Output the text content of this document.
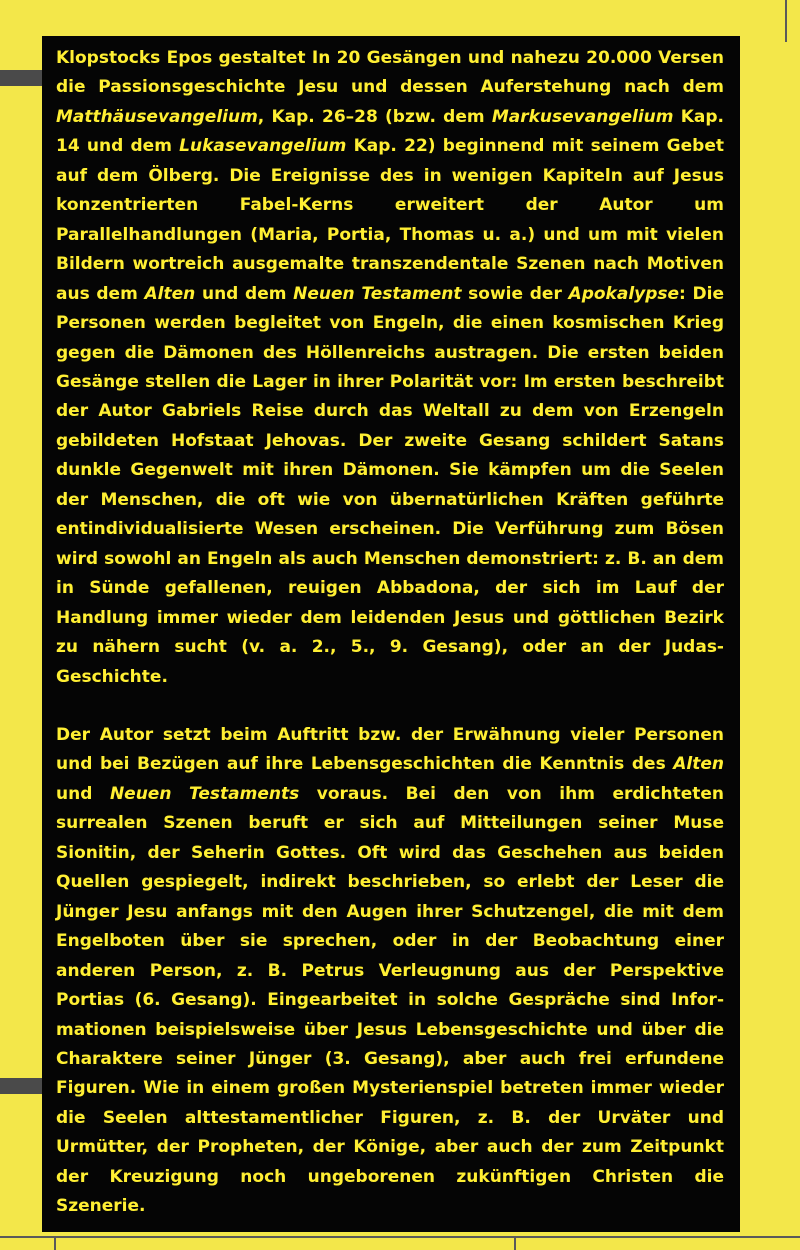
Klopstocks Epos gestaltet In 20 Gesängen und nahezu 20.000 Versen die Passionsgeschichte Jesu und dessen Auferstehung nach dem Matthäusevangelium, Kap. 26–28 (bzw. dem Markusevangelium Kap. 14 und dem Lukasevangelium Kap. 22) beginnend mit seinem Gebet auf dem Ölberg. Die Ereignisse des in wenigen Kapiteln auf Jesus konzentrierten Fabel-Kerns erweitert der Autor um Parallelhandlungen (Maria, Portia, Thomas u. a.) und um mit vielen Bildern wortreich ausgemalte transzendentale Szenen nach Motiven aus dem Alten und dem Neuen Testament sowie der Apokalypse: Die Personen werden begleitet von Engeln, die einen kosmischen Krieg gegen die Dämonen des Höllenreichs austragen. Die ersten beiden Gesänge stellen die Lager in ihrer Polarität vor: Im ersten beschreibt der Autor Gabriels Reise durch das Weltall zu dem von Erzengeln gebildeten Hofstaat Jehovas. Der zweite Gesang schildert Satans dunkle Gegenwelt mit ihren Dämonen. Sie kämpfen um die Seelen der Menschen, die oft wie von übernatürlichen Kräften geführte entindividualisierte Wesen erscheinen. Die Verführung zum Bösen wird sowohl an Engeln als auch Menschen demonstriert: z. B. an dem in Sünde gefallenen, reuigen Abbadona, der sich im Lauf der Handlung immer wieder dem leidenden Jesus und göttlichen Bezirk zu nähern sucht (v. a. 2., 5., 9. Gesang), oder an der Judas-Geschichte.

Der Autor setzt beim Auftritt bzw. der Erwähnung vieler Personen und bei Bezügen auf ihre Lebensgeschichten die Kenntnis des Alten und Neuen Testaments voraus. Bei den von ihm erdichteten surrealen Szenen beruft er sich auf Mitteilungen seiner Muse Sionitin, der Seherin Gottes. Oft wird das Geschehen aus beiden Quellen gespiegelt, indirekt beschrieben, so erlebt der Leser die Jünger Jesu anfangs mit den Augen ihrer Schutzengel, die mit dem Engelboten über sie sprechen, oder in der Beobachtung einer anderen Person, z. B. Petrus Verleugnung aus der Perspektive Portias (6. Gesang). Eingearbeitet in solche Gespräche sind Informationen beispielsweise über Jesus Lebensgeschichte und über die Charaktere seiner Jünger (3. Gesang), aber auch frei erfundene Figuren. Wie in einem großen Mysterienspiel betreten immer wieder die Seelen alttestamentlicher Figuren, z. B. der Urväter und Urmütter, der Propheten, der Könige, aber auch der zum Zeitpunkt der Kreuzigung noch ungeborenen zukünftigen Christen die Szenerie.
